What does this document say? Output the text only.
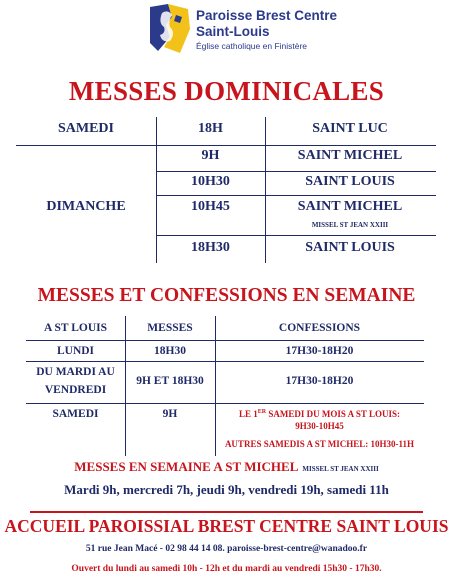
Paroisse Brest Centre
Saint-Louis
Église catholique en Finistère
MESSES DOMINICALES
SAMEDI	18H	SAINT LUC
9H	SAINT MICHEL
10H30	SAINT LOUIS
DIMANCHE	10H45	SAINT MICHEL
MISSEL ST JEAN XXIII
18H30	SAINT LOUIS
MESSES ET CONFESSIONS EN SEMAINE
A ST LOUIS	MESSES	CONFESSIONS
LUNDI	18H30	17H30-18H20
DU MARDI AU
VENDREDI
9H ET 18H30	17H30-18H20
SAMEDI	9H	LE 1ER SAMEDI DU MOIS A ST LOUIS:
9H30-10H45
AUTRES SAMEDIS A ST MICHEL: 10H30-11H
MESSES EN SEMAINE A ST MICHEL MISSEL ST JEAN XXIII
Mardi 9h, mercredi 7h, jeudi 9h, vendredi 19h, samedi 11h
ACCUEIL PAROISSIAL BREST CENTRE SAINT LOUIS
51 rue Jean Macé - 02 98 44 14 08. paroisse-brest-centre@wanadoo.fr
Ouvert du lundi au samedi 10h - 12h et du mardi au vendredi 15h30 - 17h30.
